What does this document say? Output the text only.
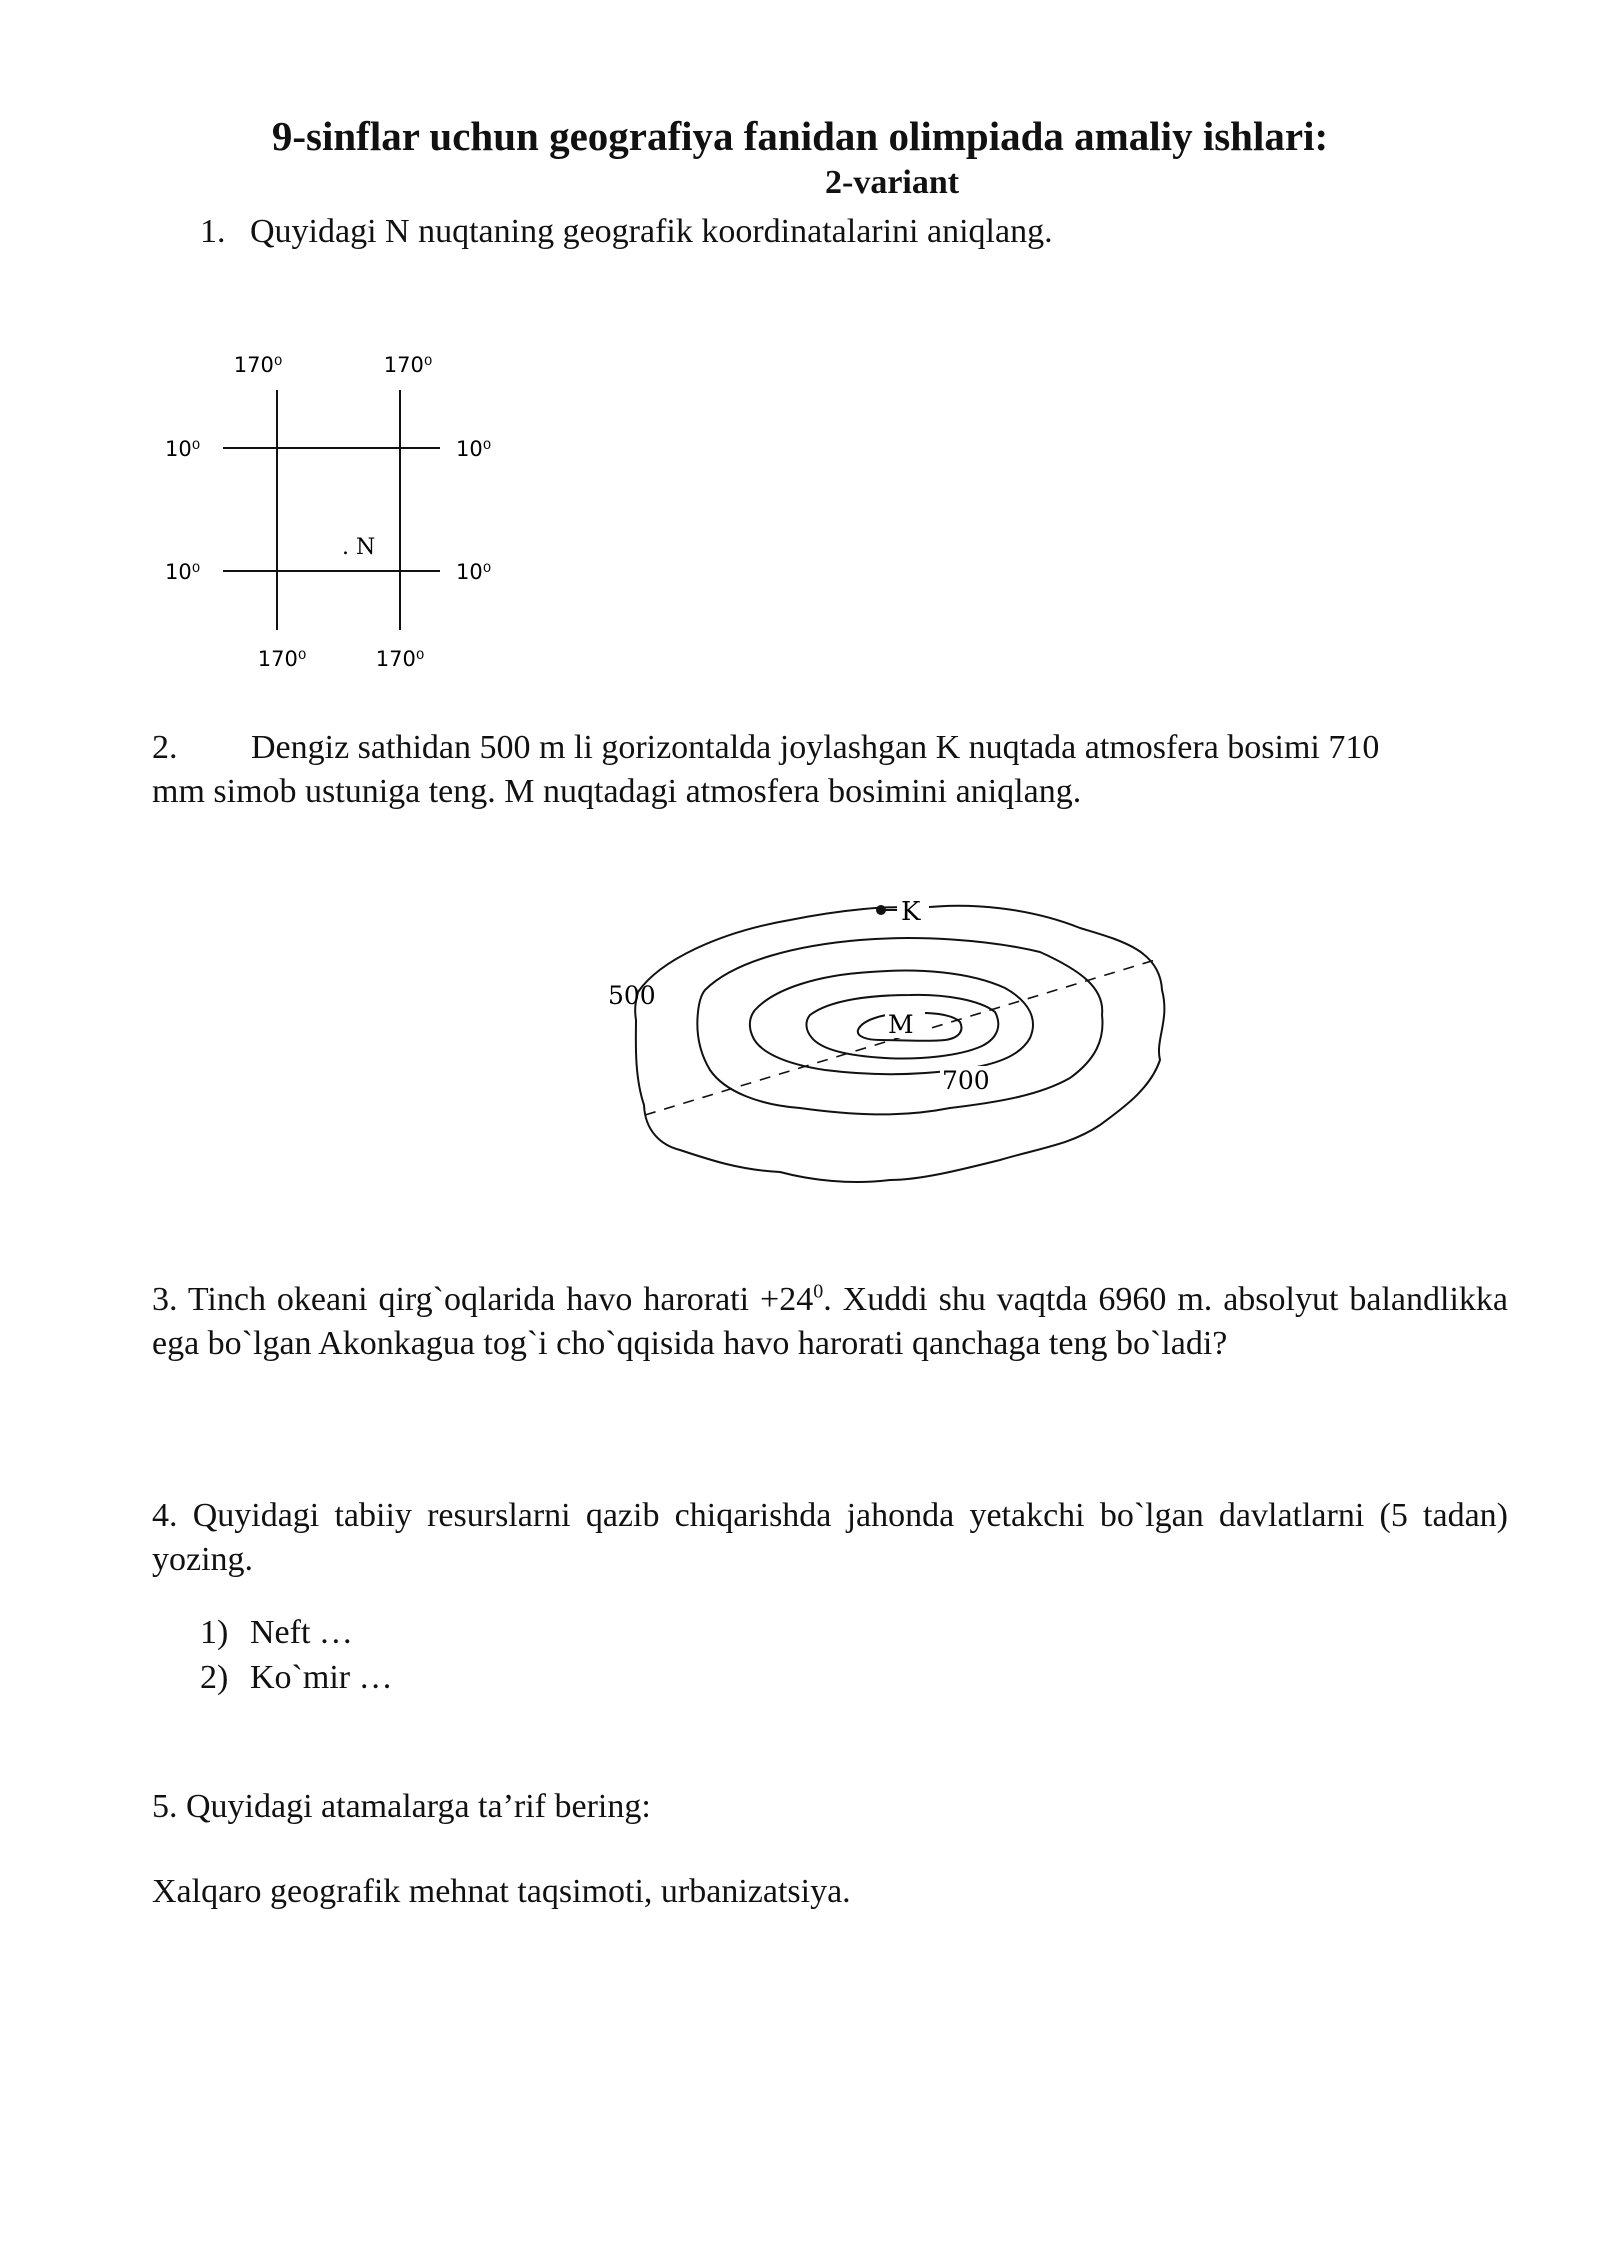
9-sinflar uchun geografiya fanidan olimpiada amaliy ishlari:
2-variant
1. Quyidagi N nuqtaning geografik koordinatalarini aniqlang.
170⁰	170⁰
170⁰	170⁰
10⁰
10⁰
10⁰
10⁰
. N
2. Dengiz sathidan 500 m li gorizontalda joylashgan K nuqtada atmosfera bosimi 710
mm simob ustuniga teng. M nuqtadagi atmosfera bosimini aniqlang.
K
500
700
M
3. Tinch okeani qirg`oqlarida havo harorati $+24^0$. Xuddi shu vaqtda 6960 m. absolyut balandlikka ega bo`lgan Akonkagua tog`i cho`qqisida havo harorati qanchaga teng bo`ladi?
4. Quyidagi tabiiy resurslarni qazib chiqarishda jahonda yetakchi bo`lgan davlatlarni (5 tadan) yozing.
1) Neft …
2) Ko`mir …
5. Quyidagi atamalarga ta’rif bering:
Xalqaro geografik mehnat taqsimoti, urbanizatsiya.
